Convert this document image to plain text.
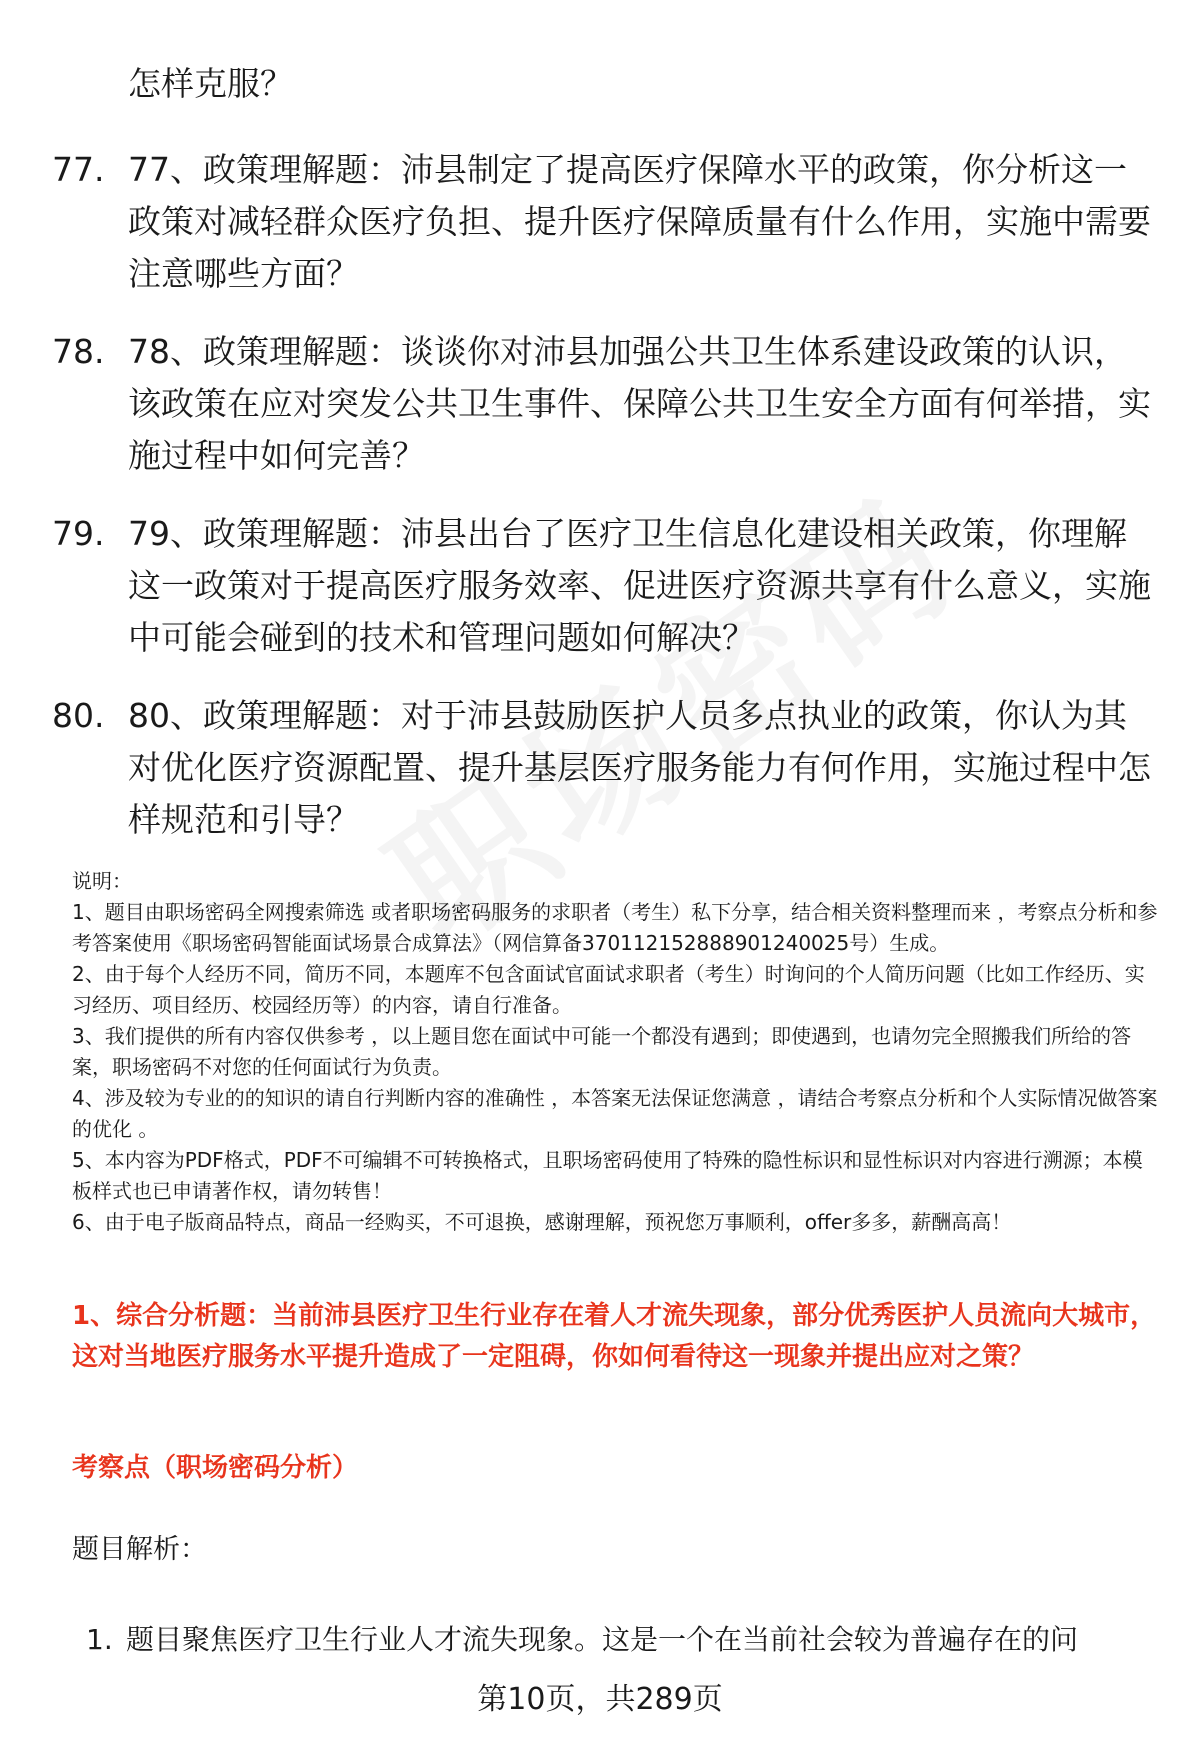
怎样克服？
77. 77、政策理解题：沛县制定了提高医疗保障水平的政策，你分析这一政策对减轻群众医疗负担、提升医疗保障质量有什么作用，实施中需要注意哪些方面？
78. 78、政策理解题：谈谈你对沛县加强公共卫生体系建设政策的认识，该政策在应对突发公共卫生事件、保障公共卫生安全方面有何举措，实施过程中如何完善？
79. 79、政策理解题：沛县出台了医疗卫生信息化建设相关政策，你理解这一政策对于提高医疗服务效率、促进医疗资源共享有什么意义，实施中可能会碰到的技术和管理问题如何解决？
80. 80、政策理解题：对于沛县鼓励医护人员多点执业的政策，你认为其对优化医疗资源配置、提升基层医疗服务能力有何作用，实施过程中怎样规范和引导？
说明：
1、题目由职场密码全网搜索筛选 或者职场密码服务的求职者（考生）私下分享，结合相关资料整理而来 ，考察点分析和参考答案使用《职场密码智能面试场景合成算法》（网信算备370112152888901240025号）生成。
2、由于每个人经历不同，简历不同，本题库不包含面试官面试求职者（考生）时询问的个人简历问题（比如工作经历、实习经历、项目经历、校园经历等）的内容，请自行准备。
3、我们提供的所有内容仅供参考 ，以上题目您在面试中可能一个都没有遇到；即使遇到，也请勿完全照搬我们所给的答案，职场密码不对您的任何面试行为负责。
4、涉及较为专业的的知识的请自行判断内容的准确性 ，本答案无法保证您满意 ，请结合考察点分析和个人实际情况做答案的优化 。
5、本内容为PDF格式，PDF不可编辑不可转换格式，且职场密码使用了特殊的隐性标识和显性标识对内容进行溯源；本模板样式也已申请著作权，请勿转售！
6、由于电子版商品特点，商品一经购买，不可退换，感谢理解，预祝您万事顺利，offer多多，薪酬高高！
1、综合分析题：当前沛县医疗卫生行业存在着人才流失现象，部分优秀医护人员流向大城市，这对当地医疗服务水平提升造成了一定阻碍，你如何看待这一现象并提出应对之策？
考察点（职场密码分析）
题目解析：
1. 题目聚焦医疗卫生行业人才流失现象。这是一个在当前社会较为普遍存在的问
第10页，共289页
